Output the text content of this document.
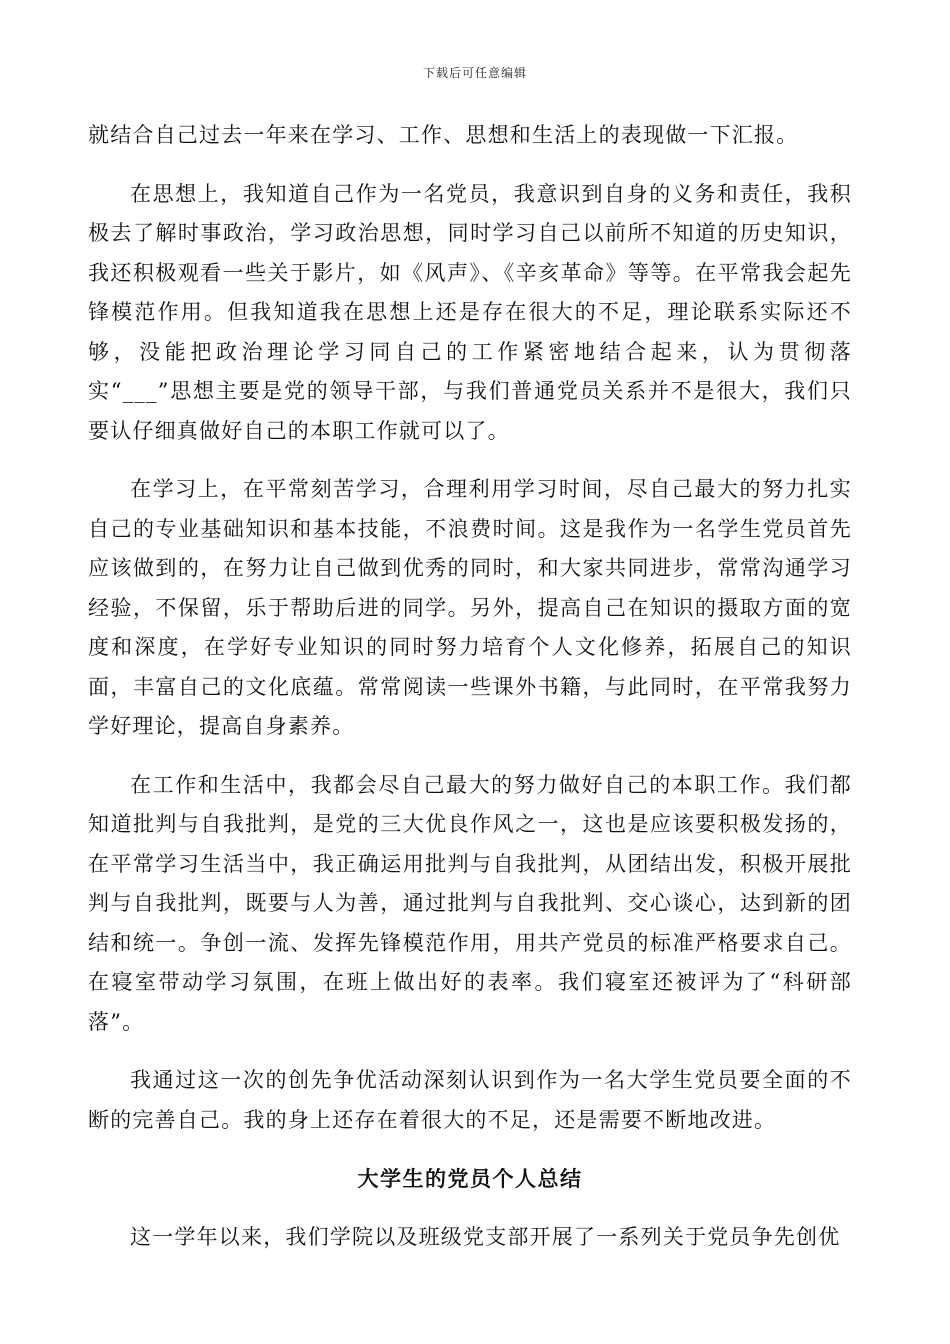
下载后可任意编辑

就结合自己过去一年来在学习、工作、思想和生活上的表现做一下汇报。

在思想上，我知道自己作为一名党员，我意识到自身的义务和责任，我积极去了解时事政治，学习政治思想，同时学习自己以前所不知道的历史知识，我还积极观看一些关于影片，如《风声》、《辛亥革命》等等。在平常我会起先锋模范作用。但我知道我在思想上还是存在很大的不足，理论联系实际还不够，没能把政治理论学习同自己的工作紧密地结合起来，认为贯彻落实“___”思想主要是党的领导干部，与我们普通党员关系并不是很大，我们只要认仔细真做好自己的本职工作就可以了。

在学习上，在平常刻苦学习，合理利用学习时间，尽自己最大的努力扎实自己的专业基础知识和基本技能，不浪费时间。这是我作为一名学生党员首先应该做到的，在努力让自己做到优秀的同时，和大家共同进步，常常沟通学习经验，不保留，乐于帮助后进的同学。另外，提高自己在知识的摄取方面的宽度和深度，在学好专业知识的同时努力培育个人文化修养，拓展自己的知识面，丰富自己的文化底蕴。常常阅读一些课外书籍，与此同时，在平常我努力学好理论，提高自身素养。

在工作和生活中，我都会尽自己最大的努力做好自己的本职工作。我们都知道批判与自我批判，是党的三大优良作风之一，这也是应该要积极发扬的，在平常学习生活当中，我正确运用批判与自我批判，从团结出发，积极开展批判与自我批判，既要与人为善，通过批判与自我批判、交心谈心，达到新的团结和统一。争创一流、发挥先锋模范作用，用共产党员的标准严格要求自己。在寝室带动学习氛围，在班上做出好的表率。我们寝室还被评为了“科研部落”。

我通过这一次的创先争优活动深刻认识到作为一名大学生党员要全面的不断的完善自己。我的身上还存在着很大的不足，还是需要不断地改进。

大学生的党员个人总结

这一学年以来，我们学院以及班级党支部开展了一系列关于党员争先创优
